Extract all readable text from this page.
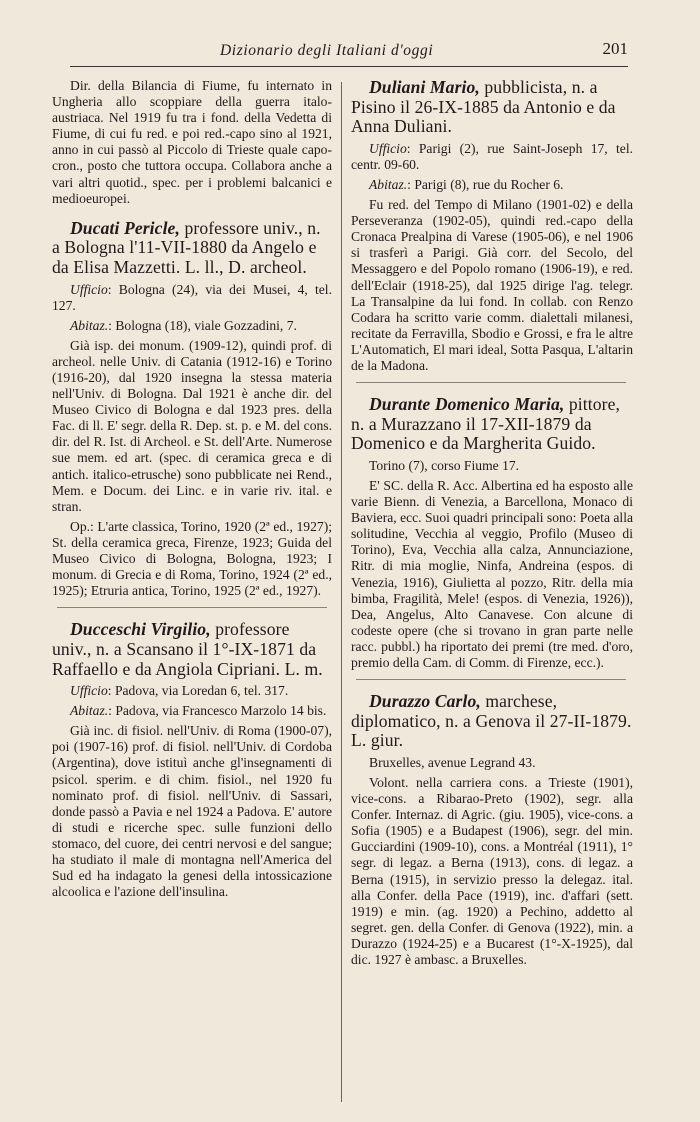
Dizionario degli Italiani d'oggi	201

Dir. della Bilancia di Fiume, fu internato in Ungheria allo scoppiare della guerra italo-austriaca. Nel 1919 fu tra i fond. della Vedetta di Fiume, di cui fu red. e poi red.-capo sino al 1921, anno in cui passò al Piccolo di Trieste quale capo-cron., posto che tuttora occupa. Collabora anche a vari altri quotid., spec. per i problemi balcanici e medioeuropei.

Ducati Pericle, professore univ., n. a Bologna l'11-VII-1880 da Angelo e da Elisa Mazzetti. L. ll., D. archeol.

Ufficio: Bologna (24), via dei Musei, 4, tel. 127.

Abitaz.: Bologna (18), viale Gozzadini, 7.

Già isp. dei monum. (1909-12), quindi prof. di archeol. nelle Univ. di Catania (1912-16) e Torino (1916-20), dal 1920 insegna la stessa materia nell'Univ. di Bologna. Dal 1921 è anche dir. del Museo Civico di Bologna e dal 1923 pres. della Fac. di ll. E' segr. della R. Dep. st. p. e M. del cons. dir. del R. Ist. di Archeol. e St. dell'Arte. Numerose sue mem. ed art. (spec. di ceramica greca e di antich. italico-etrusche) sono pubblicate nei Rend., Mem. e Docum. dei Linc. e in varie riv. ital. e stran.

Op.: L'arte classica, Torino, 1920 (2ª ed., 1927); St. della ceramica greca, Firenze, 1923; Guida del Museo Civico di Bologna, Bologna, 1923; I monum. di Grecia e di Roma, Torino, 1924 (2ª ed., 1925); Etruria antica, Torino, 1925 (2ª ed., 1927).

Ducceschi Virgilio, professore univ., n. a Scansano il 1°-IX-1871 da Raffaello e da Angiola Cipriani. L. m.

Ufficio: Padova, via Loredan 6, tel. 317.

Abitaz.: Padova, via Francesco Marzolo 14 bis.

Già inc. di fisiol. nell'Univ. di Roma (1900-07), poi (1907-16) prof. di fisiol. nell'Univ. di Cordoba (Argentina), dove istituì anche gl'insegnamenti di psicol. sperim. e di chim. fisiol., nel 1920 fu nominato prof. di fisiol. nell'Univ. di Sassari, donde passò a Pavia e nel 1924 a Padova. E' autore di studi e ricerche spec. sulle funzioni dello stomaco, del cuore, dei centri nervosi e del sangue; ha studiato il male di montagna nell'America del Sud ed ha indagato la genesi della intossicazione alcoolica e l'azione dell'insulina.

Duliani Mario, pubblicista, n. a Pisino il 26-IX-1885 da Antonio e da Anna Duliani.

Ufficio: Parigi (2), rue Saint-Joseph 17, tel. centr. 09-60.

Abitaz.: Parigi (8), rue du Rocher 6.

Fu red. del Tempo di Milano (1901-02) e della Perseveranza (1902-05), quindi red.-capo della Cronaca Prealpina di Varese (1905-06), e nel 1906 si trasferì a Parigi. Già corr. del Secolo, del Messaggero e del Popolo romano (1906-19), e red. dell'Eclair (1918-25), dal 1925 dirige l'ag. telegr. La Transalpine da lui fond. In collab. con Renzo Codara ha scritto varie comm. dialettali milanesi, recitate da Ferravilla, Sbodio e Grossi, e fra le altre L'Automatich, El mari ideal, Sotta Pasqua, L'altarin de la Madona.

Durante Domenico Maria, pittore, n. a Murazzano il 17-XII-1879 da Domenico e da Margherita Guido.

Torino (7), corso Fiume 17.

E' SC. della R. Acc. Albertina ed ha esposto alle varie Bienn. di Venezia, a Barcellona, Monaco di Baviera, ecc. Suoi quadri principali sono: Poeta alla solitudine, Vecchia al veggio, Profilo (Museo di Torino), Eva, Vecchia alla calza, Annunciazione, Ritr. di mia moglie, Ninfa, Andreina (espos. di Venezia, 1916), Giulietta al pozzo, Ritr. della mia bimba, Fragilità, Mele! (espos. di Venezia, 1926)), Dea, Angelus, Alto Canavese. Con alcune di codeste opere (che si trovano in gran parte nelle racc. pubbl.) ha riportato dei premi (tre med. d'oro, premio della Cam. di Comm. di Firenze, ecc.).

Durazzo Carlo, marchese, diplomatico, n. a Genova il 27-II-1879. L. giur.

Bruxelles, avenue Legrand 43.

Volont. nella carriera cons. a Trieste (1901), vice-cons. a Ribarao-Preto (1902), segr. alla Confer. Internaz. di Agric. (giu. 1905), vice-cons. a Sofia (1905) e a Budapest (1906), segr. del min. Gucciardini (1909-10), cons. a Montréal (1911), 1° segr. di legaz. a Berna (1913), cons. di legaz. a Berna (1915), in servizio presso la delegaz. ital. alla Confer. della Pace (1919), inc. d'affari (sett. 1919) e min. (ag. 1920) a Pechino, addetto al segret. gen. della Confer. di Genova (1922), min. a Durazzo (1924-25) e a Bucarest (1°-X-1925), dal dic. 1927 è ambasc. a Bruxelles.
